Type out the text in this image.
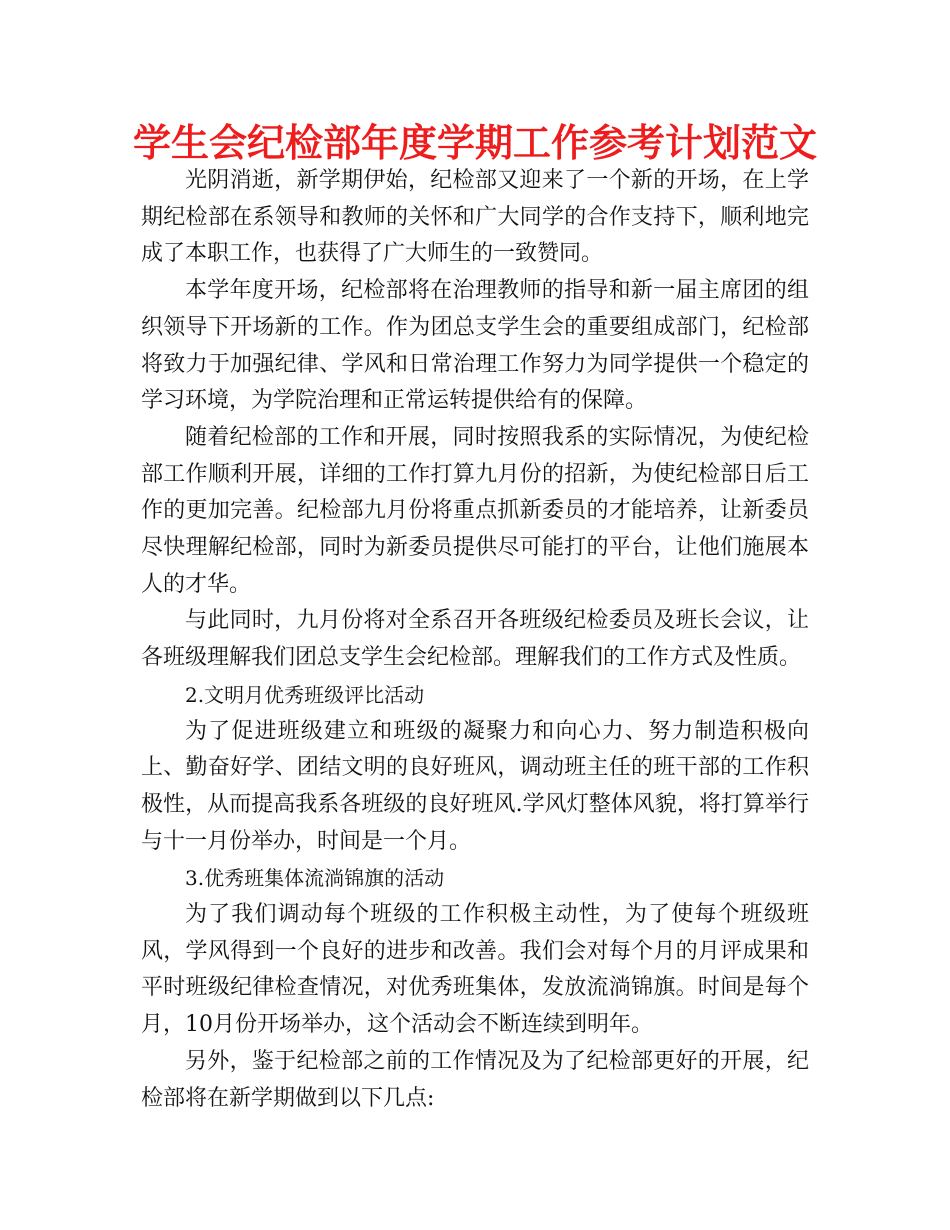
学生会纪检部年度学期工作参考计划范文

光阴消逝，新学期伊始，纪检部又迎来了一个新的开场，在上学期纪检部在系领导和教师的关怀和广大同学的合作支持下，顺利地完成了本职工作，也获得了广大师生的一致赞同。

本学年度开场，纪检部将在治理教师的指导和新一届主席团的组织领导下开场新的工作。作为团总支学生会的重要组成部门，纪检部将致力于加强纪律、学风和日常治理工作努力为同学提供一个稳定的学习环境，为学院治理和正常运转提供给有的保障。

随着纪检部的工作和开展，同时按照我系的实际情况，为使纪检部工作顺利开展，详细的工作打算九月份的招新，为使纪检部日后工作的更加完善。纪检部九月份将重点抓新委员的才能培养，让新委员尽快理解纪检部，同时为新委员提供尽可能打的平台，让他们施展本人的才华。

与此同时，九月份将对全系召开各班级纪检委员及班长会议，让各班级理解我们团总支学生会纪检部。理解我们的工作方式及性质。

2.文明月优秀班级评比活动

为了促进班级建立和班级的凝聚力和向心力、努力制造积极向上、勤奋好学、团结文明的良好班风，调动班主任的班干部的工作积极性，从而提高我系各班级的良好班风.学风灯整体风貌，将打算举行与十一月份举办，时间是一个月。

3.优秀班集体流淌锦旗的活动

为了我们调动每个班级的工作积极主动性，为了使每个班级班风，学风得到一个良好的进步和改善。我们会对每个月的月评成果和平时班级纪律检查情况，对优秀班集体，发放流淌锦旗。时间是每个月，10月份开场举办，这个活动会不断连续到明年。

另外，鉴于纪检部之前的工作情况及为了纪检部更好的开展，纪检部将在新学期做到以下几点:
